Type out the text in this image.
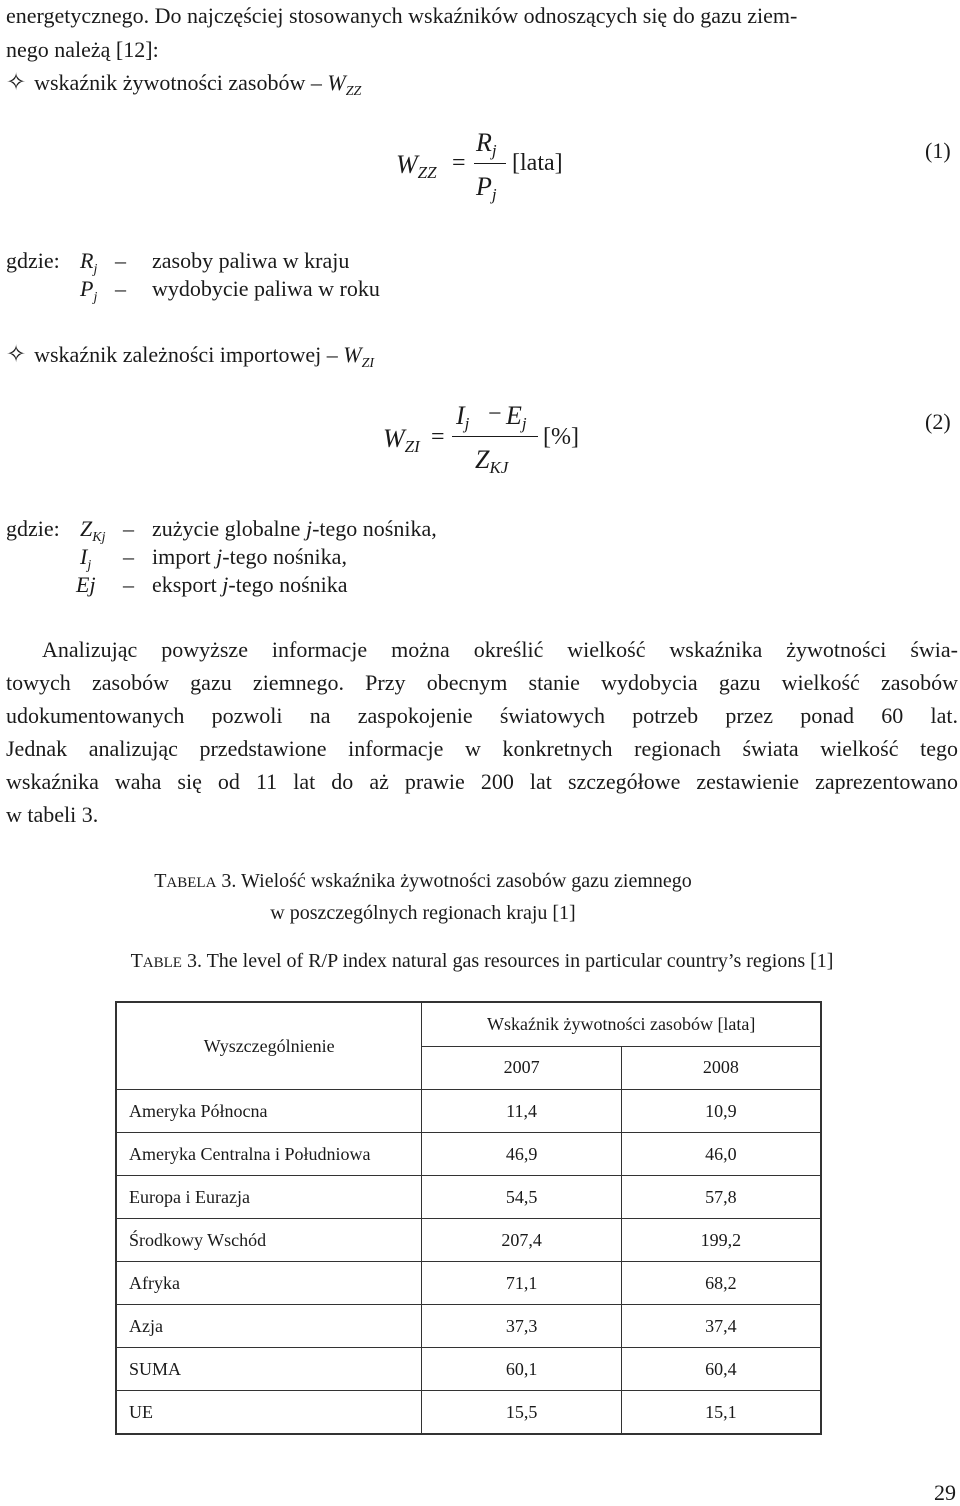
energetycznego. Do najczęściej stosowanych wskaźników odnoszących się do gazu ziem-
nego należą [12]:
✧ wskaźnik żywotności zasobów – $W_{ZZ}$
$W_{ZZ}$ =
$R_j$
$P_j$
[lata]	(1)
gdzie: $R_j$ – zasoby paliwa w kraju
$P_j$ – wydobycie paliwa w roku
✧ wskaźnik zależności importowej – $W_{ZI}$
$W_{ZI}$ =
$I_j - E_j$
$Z_{KJ}$
[%]
(2)
gdzie: $Z_{Kj}$ – zużycie globalne j-tego nośnika,
$I_j$ – import j-tego nośnika,
Ej – eksport j-tego nośnika
Analizując powyższe informacje można określić wielkość wskaźnika żywotności świa-
towych zasobów gazu ziemnego. Przy obecnym stanie wydobycia gazu wielkość zasobów
udokumentowanych pozwoli na zaspokojenie światowych potrzeb przez ponad 60 lat.
Jednak analizując przedstawione informacje w konkretnych regionach świata wielkość tego
wskaźnika waha się od 11 lat do aż prawie 200 lat szczegółowe zestawienie zaprezentowano
w tabeli 3.
TABELA 3. Wielość wskaźnika żywotności zasobów gazu ziemnego
w poszczególnych regionach kraju [1]
TABLE 3. The level of R/P index natural gas resources in particular country’s regions [1]
Wyszczególnienie	Wskaźnik żywotności zasobów [lata]	
	2007	2008
Ameryka Północna	11,4	10,9
Ameryka Centralna i Południowa	46,9	46,0
Europa i Eurazja	54,5	57,8
Środkowy Wschód	207,4	199,2
Afryka	71,1	68,2
Azja	37,3	37,4
SUMA	60,1	60,4
UE	15,5	15,1
29
